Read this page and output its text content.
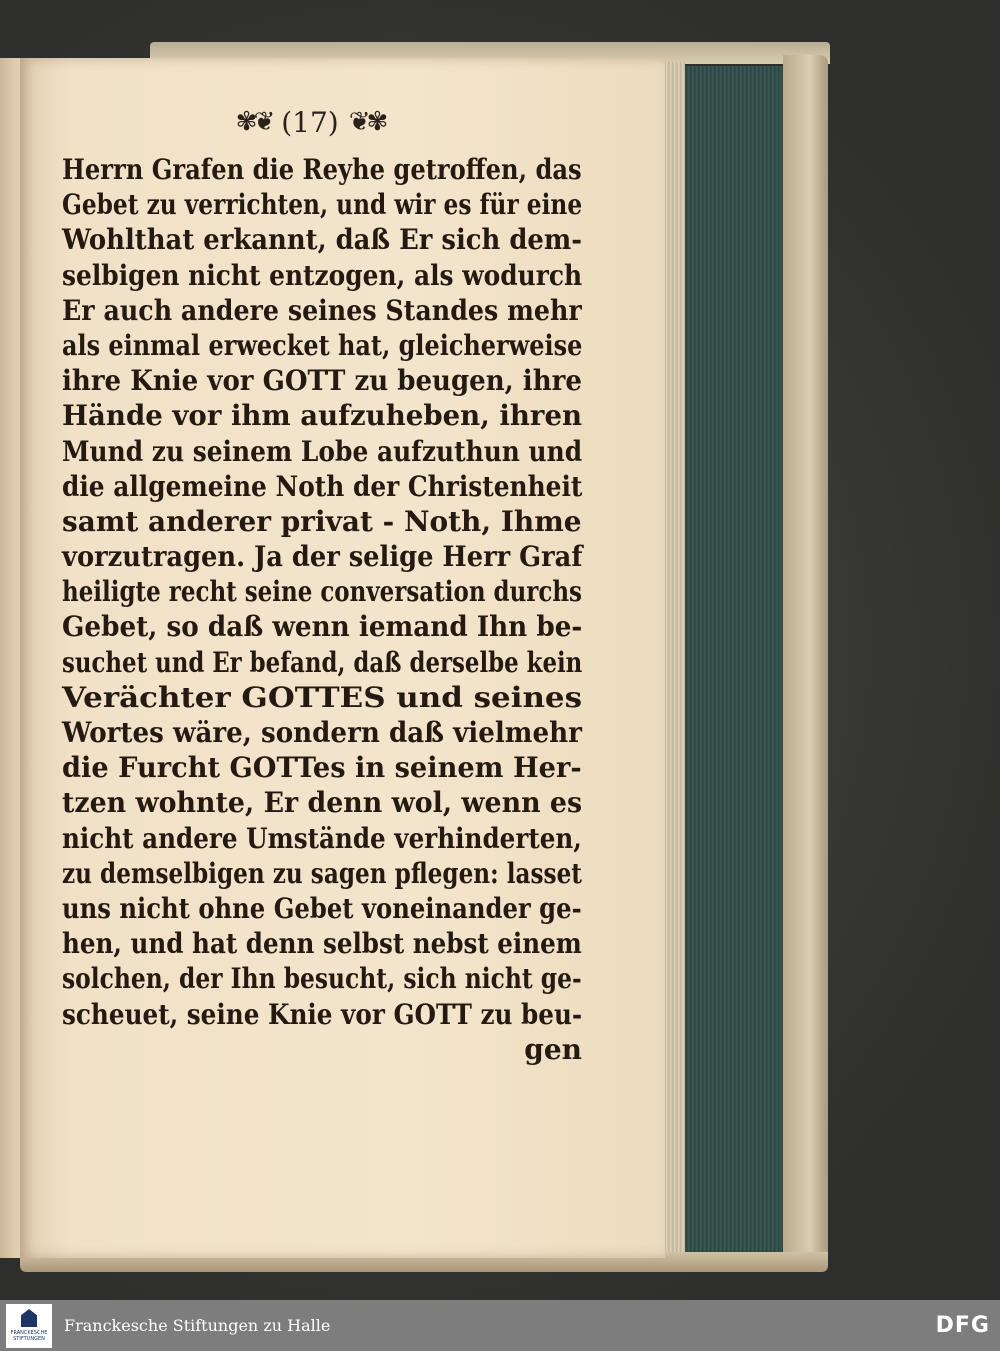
✾❦ (17) ❦✾
Herrn Grafen die Reyhe getroffen, das
Gebet zu verrichten, und wir es für eine
Wohlthat erkannt, daß Er sich dem-
selbigen nicht entzogen, als wodurch
Er auch andere seines Standes mehr
als einmal erwecket hat, gleicherweise
ihre Knie vor GOTT zu beugen, ihre
Hände vor ihm aufzuheben, ihren
Mund zu seinem Lobe aufzuthun und
die allgemeine Noth der Christenheit
samt anderer privat - Noth, Ihme
vorzutragen. Ja der selige Herr Graf
heiligte recht seine conversation durchs
Gebet, so daß wenn iemand Ihn be-
suchet und Er befand, daß derselbe kein
Verächter GOTTES und seines
Wortes wäre, sondern daß vielmehr
die Furcht GOTTes in seinem Her-
tzen wohnte, Er denn wol, wenn es
nicht andere Umstände verhinderten,
zu demselbigen zu sagen pflegen: lasset
uns nicht ohne Gebet voneinander ge-
hen, und hat denn selbst nebst einem
solchen, der Ihn besucht, sich nicht ge-
scheuet, seine Knie vor GOTT zu beu-
gen
FRANCKESCHE
STIFTUNGEN
Franckesche Stiftungen zu Halle	DFG
